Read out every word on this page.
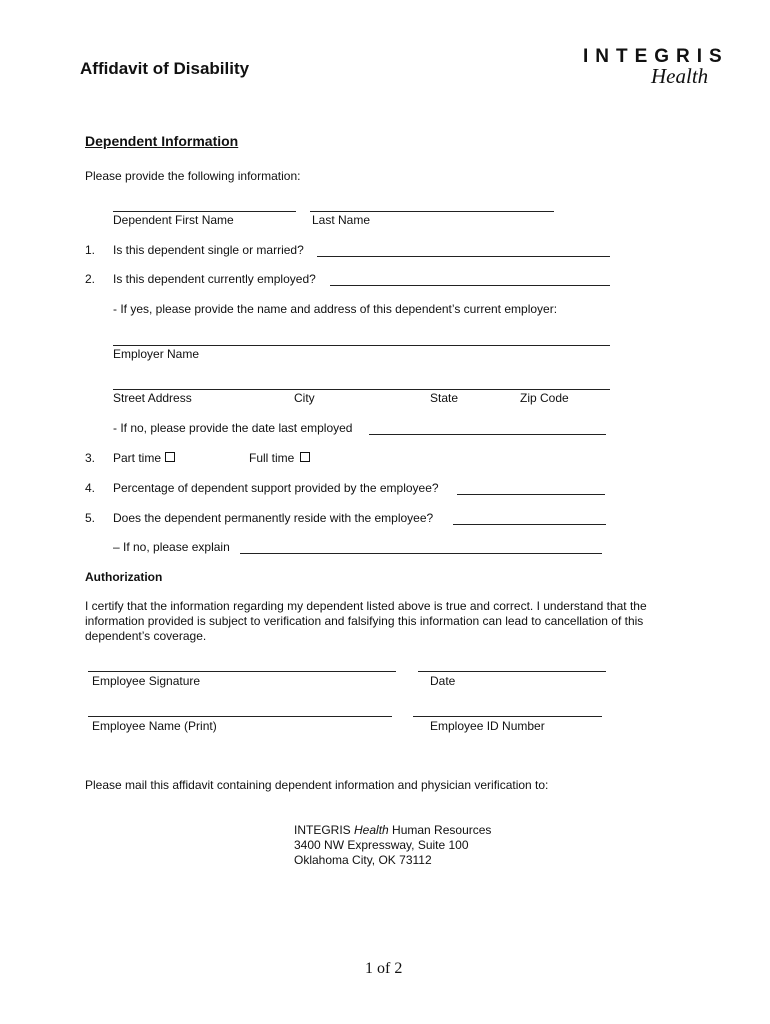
Affidavit of Disability
INTEGRIS
Health
Dependent Information
Please provide the following information:
Dependent First Name	Last Name
1. Is this dependent single or married?
2. Is this dependent currently employed?
- If yes, please provide the name and address of this dependent’s current employer:
Employer Name
Street Address	City	State	Zip Code
- If no, please provide the date last employed
3. Part time	Full time
4. Percentage of dependent support provided by the employee?
5. Does the dependent permanently reside with the employee?
– If no, please explain
Authorization
I certify that the information regarding my dependent listed above is true and correct. I understand that the information provided is subject to verification and falsifying this information can lead to cancellation of this dependent’s coverage.
Employee Signature	Date
Employee Name (Print)	Employee ID Number
Please mail this affidavit containing dependent information and physician verification to:
INTEGRIS Health Human Resources
3400 NW Expressway, Suite 100
Oklahoma City, OK 73112
1 of 2
